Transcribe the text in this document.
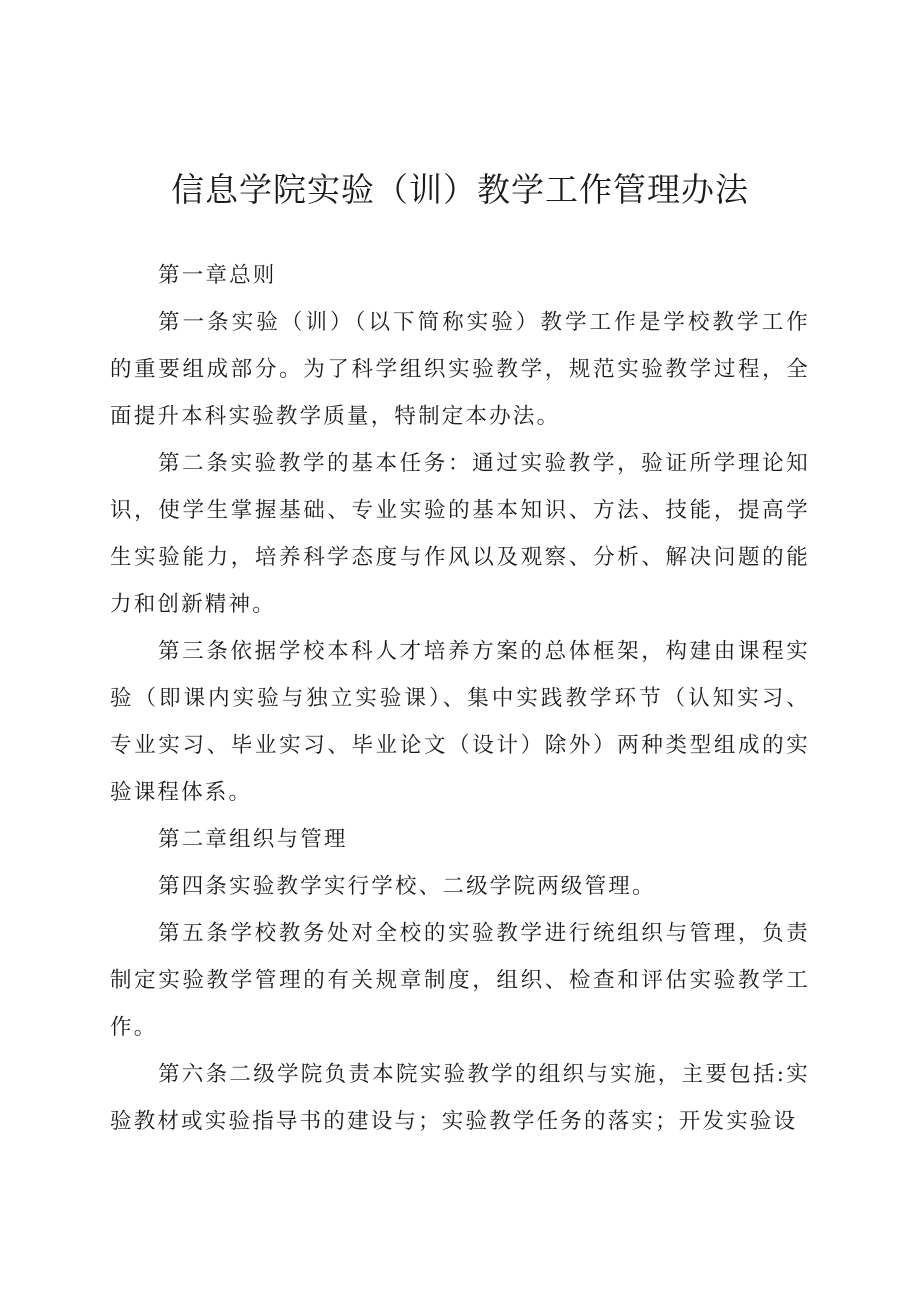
信息学院实验（训）教学工作管理办法

第一章总则

第一条实验（训）（以下简称实验）教学工作是学校教学工作的重要组成部分。为了科学组织实验教学，规范实验教学过程，全面提升本科实验教学质量，特制定本办法。

第二条实验教学的基本任务：通过实验教学，验证所学理论知识，使学生掌握基础、专业实验的基本知识、方法、技能，提高学生实验能力，培养科学态度与作风以及观察、分析、解决问题的能力和创新精神。

第三条依据学校本科人才培养方案的总体框架，构建由课程实验（即课内实验与独立实验课）、集中实践教学环节（认知实习、专业实习、毕业实习、毕业论文（设计）除外）两种类型组成的实验课程体系。

第二章组织与管理

第四条实验教学实行学校、二级学院两级管理。

第五条学校教务处对全校的实验教学进行统组织与管理，负责制定实验教学管理的有关规章制度，组织、检查和评估实验教学工作。

第六条二级学院负责本院实验教学的组织与实施，主要包括:实验教材或实验指导书的建设与；实验教学任务的落实；开发实验设
